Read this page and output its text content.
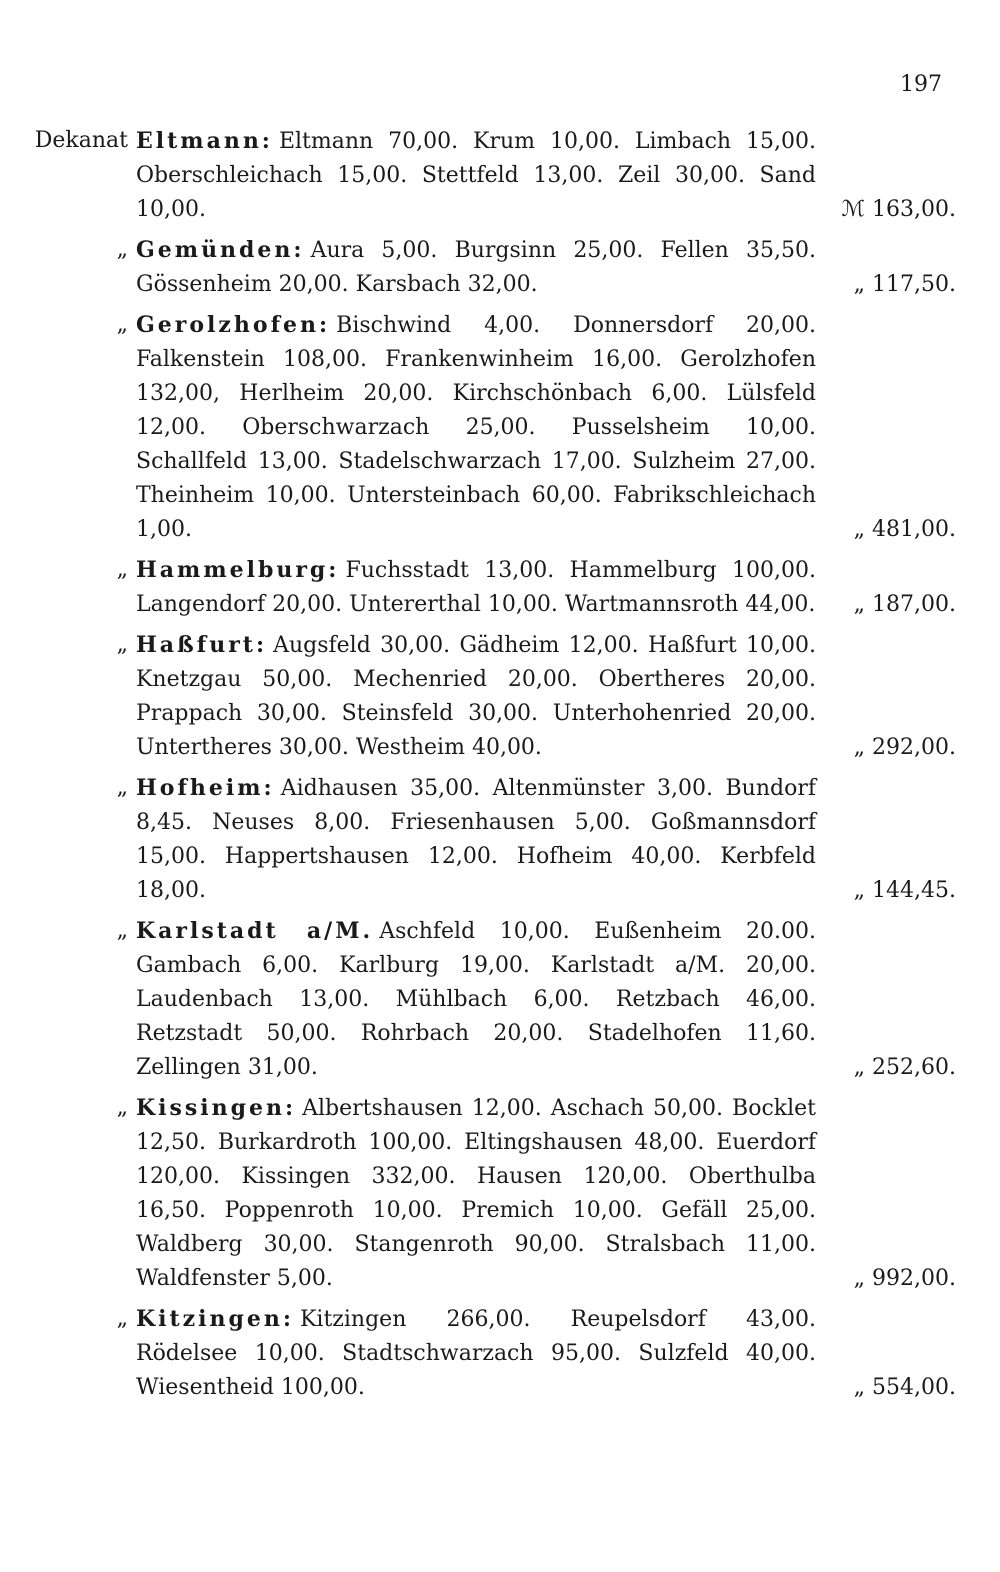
197
Dekanat Eltmann: Eltmann 70,00. Krum 10,00. Limbach 15,00. Oberschleichach 15,00. Stettfeld 13,00. Zeil 30,00. Sand 10,00.	ℳ 163,00.
„ Gemünden: Aura 5,00. Burgsinn 25,00. Fellen 35,50. Gössenheim 20,00. Karsbach 32,00.	„ 117,50.
„ Gerolzhofen: Bischwind 4,00. Donnersdorf 20,00. Falkenstein 108,00. Frankenwinheim 16,00. Gerolzhofen 132,00, Herlheim 20,00. Kirchschönbach 6,00. Lülsfeld 12,00. Oberschwarzach 25,00. Pusselsheim 10,00. Schallfeld 13,00. Stadelschwarzach 17,00. Sulzheim 27,00. Theinheim 10,00. Untersteinbach 60,00. Fabrikschleichach 1,00.	„ 481,00.
„ Hammelburg: Fuchsstadt 13,00. Hammelburg 100,00. Langendorf 20,00. Untererthal 10,00. Wartmannsroth 44,00. „ 187,00.
„ Haßfurt: Augsfeld 30,00. Gädheim 12,00. Haßfurt 10,00. Knetzgau 50,00. Mechenried 20,00. Obertheres 20,00. Prappach 30,00. Steinsfeld 30,00. Unterhohenried 20,00. Untertheres 30,00. Westheim 40,00.	„ 292,00.
„ Hofheim: Aidhausen 35,00. Altenmünster 3,00. Bundorf 8,45. Neuses 8,00. Friesenhausen 5,00. Goßmannsdorf 15,00. Happertshausen 12,00. Hofheim 40,00. Kerbfeld 18,00.	„ 144,45.
„ Karlstadt a/M. Aschfeld 10,00. Eußenheim 20.00. Gambach 6,00. Karlburg 19,00. Karlstadt a/M. 20,00. Laudenbach 13,00. Mühlbach 6,00. Retzbach 46,00. Retzstadt 50,00. Rohrbach 20,00. Stadelhofen 11,60. Zellingen 31,00.	„ 252,60.
„ Kissingen: Albertshausen 12,00. Aschach 50,00. Bocklet 12,50. Burkardroth 100,00. Eltingshausen 48,00. Euerdorf 120,00. Kissingen 332,00. Hausen 120,00. Oberthulba 16,50. Poppenroth 10,00. Premich 10,00. Gefäll 25,00. Waldberg 30,00. Stangenroth 90,00. Stralsbach 11,00. Waldfenster 5,00.	„ 992,00.
„ Kitzingen: Kitzingen 266,00. Reupelsdorf 43,00. Rödelsee 10,00. Stadtschwarzach 95,00. Sulzfeld 40,00. Wiesentheid 100,00.	„ 554,00.
